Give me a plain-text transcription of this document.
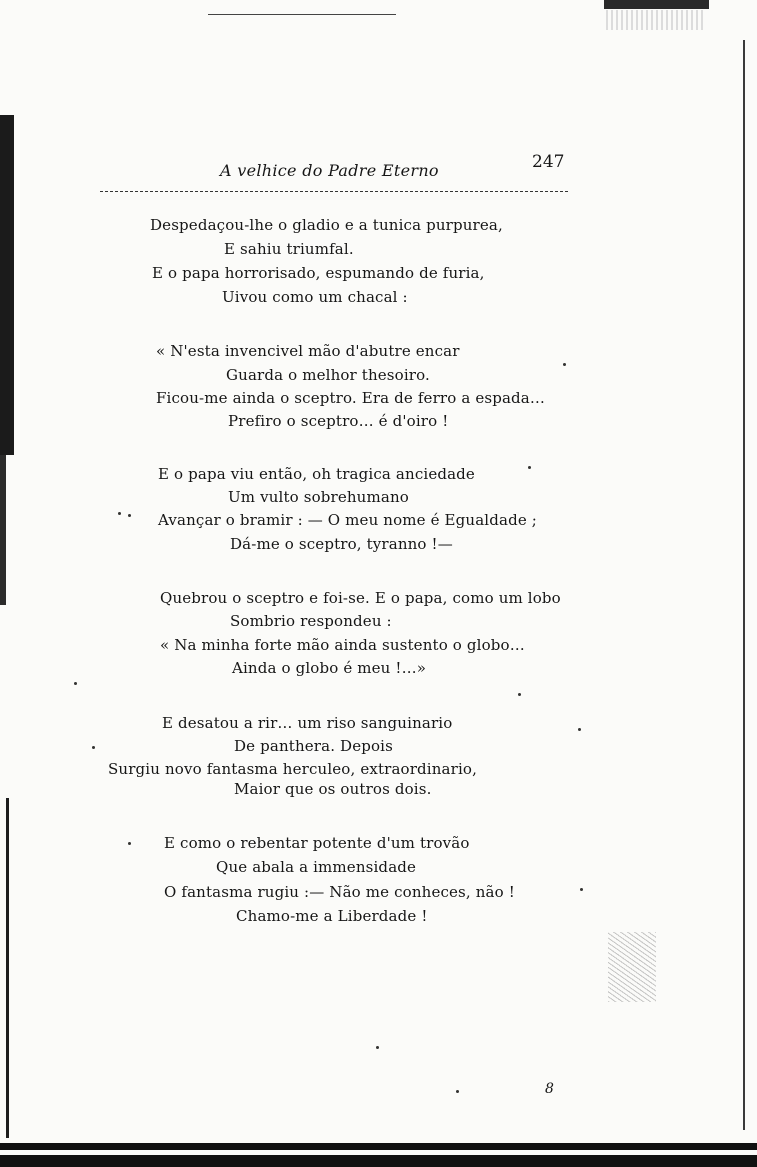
A velhice do Padre Eterno	247
Despedaçou-lhe o gladio e a tunica purpurea,
E sahiu triumfal.
E o papa horrorisado, espumando de furia,
Uivou como um chacal :
« N'esta invencivel mão d'abutre encar
Guarda o melhor thesoiro.
Ficou-me ainda o sceptro. Era de ferro a espada…
Prefiro o sceptro… é d'oiro !
E o papa viu então, oh tragica anciedade
Um vulto sobrehumano
Avançar o bramir : — O meu nome é Egualdade ;
Dá-me o sceptro, tyranno !—
Quebrou o sceptro e foi-se. E o papa, como um lobo
Sombrio respondeu :
« Na minha forte mão ainda sustento o globo…
Ainda o globo é meu !…»
E desatou a rir… um riso sanguinario
De panthera. Depois
Surgiu novo fantasma herculeo, extraordinario,
Maior que os outros dois.
E como o rebentar potente d'um trovão
Que abala a immensidade
O fantasma rugiu :— Não me conheces, não !
Chamo-me a Liberdade !
8
